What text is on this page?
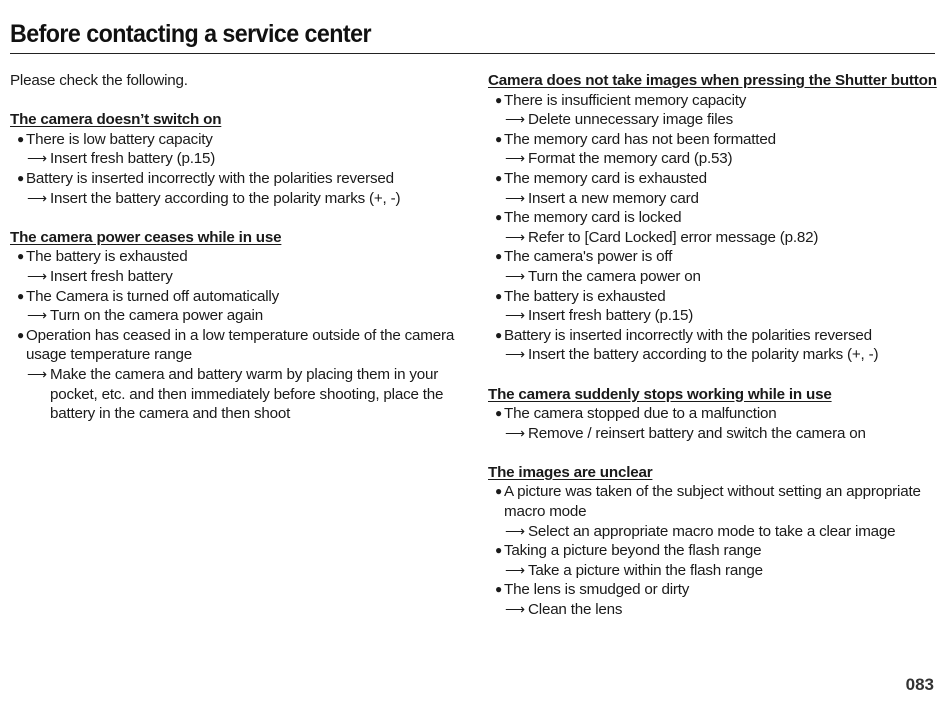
Before contacting a service center
Please check the following.
The camera doesn’t switch on
● There is low battery capacity
⟶ Insert fresh battery (p.15)
● Battery is inserted incorrectly with the polarities reversed
⟶ Insert the battery according to the polarity marks (+, -)
The camera power ceases while in use
● The battery is exhausted
⟶ Insert fresh battery
● The Camera is turned off automatically
⟶ Turn on the camera power again
● Operation has ceased in a low temperature outside of the camera usage temperature range
⟶ Make the camera and battery warm by placing them in your pocket, etc. and then immediately before shooting, place the battery in the camera and then shoot
Camera does not take images when pressing the Shutter button
● There is insufficient memory capacity
⟶ Delete unnecessary image files
● The memory card has not been formatted
⟶ Format the memory card (p.53)
● The memory card is exhausted
⟶ Insert a new memory card
● The memory card is locked
⟶ Refer to [Card Locked] error message (p.82)
● The camera's power is off
⟶ Turn the camera power on
● The battery is exhausted
⟶ Insert fresh battery (p.15)
● Battery is inserted incorrectly with the polarities reversed
⟶ Insert the battery according to the polarity marks (+, -)
The camera suddenly stops working while in use
● The camera stopped due to a malfunction
⟶ Remove / reinsert battery and switch the camera on
The images are unclear
● A picture was taken of the subject without setting an appropriate macro mode
⟶ Select an appropriate macro mode to take a clear image
● Taking a picture beyond the flash range
⟶ Take a picture within the flash range
● The lens is smudged or dirty
⟶ Clean the lens
083
